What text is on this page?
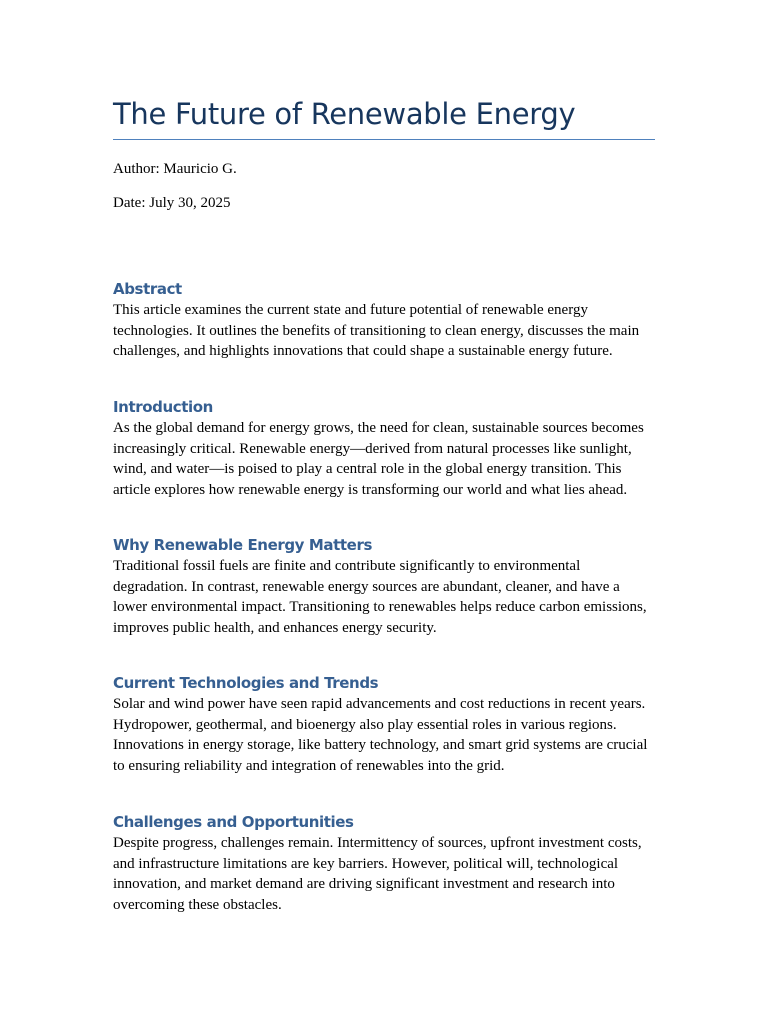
The Future of Renewable Energy

Author: Mauricio G.

Date: July 30, 2025

Abstract

This article examines the current state and future potential of renewable energy technologies. It outlines the benefits of transitioning to clean energy, discusses the main challenges, and highlights innovations that could shape a sustainable energy future.

Introduction

As the global demand for energy grows, the need for clean, sustainable sources becomes increasingly critical. Renewable energy—derived from natural processes like sunlight, wind, and water—is poised to play a central role in the global energy transition. This article explores how renewable energy is transforming our world and what lies ahead.

Why Renewable Energy Matters

Traditional fossil fuels are finite and contribute significantly to environmental degradation. In contrast, renewable energy sources are abundant, cleaner, and have a lower environmental impact. Transitioning to renewables helps reduce carbon emissions, improves public health, and enhances energy security.

Current Technologies and Trends

Solar and wind power have seen rapid advancements and cost reductions in recent years. Hydropower, geothermal, and bioenergy also play essential roles in various regions. Innovations in energy storage, like battery technology, and smart grid systems are crucial to ensuring reliability and integration of renewables into the grid.

Challenges and Opportunities

Despite progress, challenges remain. Intermittency of sources, upfront investment costs, and infrastructure limitations are key barriers. However, political will, technological innovation, and market demand are driving significant investment and research into overcoming these obstacles.
